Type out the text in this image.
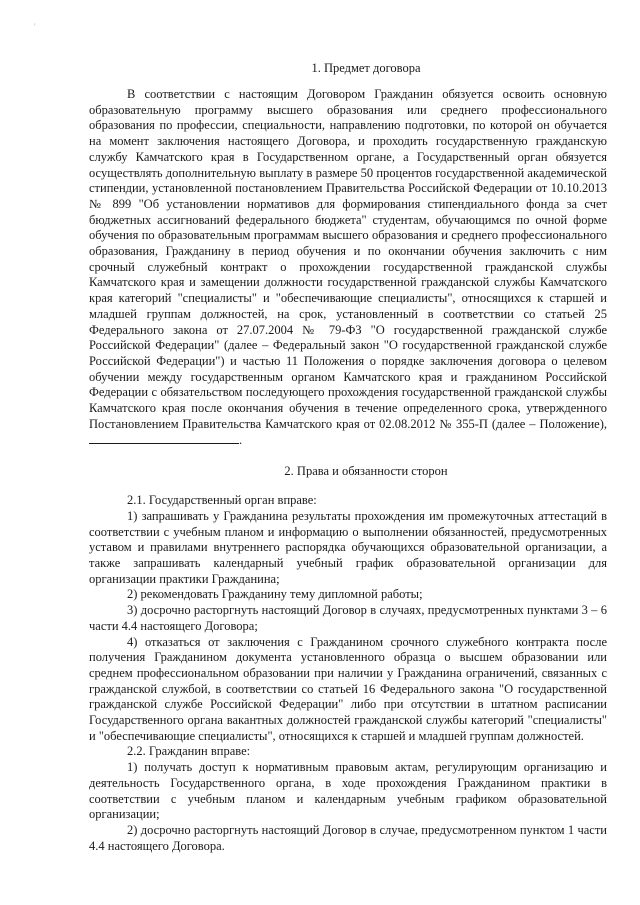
'

1. Предмет договора

В соответствии с настоящим Договором Гражданин обязуется освоить основную образовательную программу высшего образования или среднего профессионального образования по профессии, специальности, направлению подготовки, по которой он обучается на момент заключения настоящего Договора, и проходить государственную гражданскую службу Камчатского края в Государственном органе, а Государственный орган обязуется осуществлять дополнительную выплату в размере 50 процентов государственной академической стипендии, установленной постановлением Правительства Российской Федерации от 10.10.2013 № 899 "Об установлении нормативов для формирования стипендиального фонда за счет бюджетных ассигнований федерального бюджета" студентам, обучающимся по очной форме обучения по образовательным программам высшего образования и среднего профессионального образования, Гражданину в период обучения и по окончании обучения заключить с ним срочный служебный контракт о прохождении государственной гражданской службы Камчатского края и замещении должности государственной гражданской службы Камчатского края категорий "специалисты" и "обеспечивающие специалисты", относящихся к старшей и младшей группам должностей, на срок, установленный в соответствии со статьей 25 Федерального закона от 27.07.2004 № 79-ФЗ "О государственной гражданской службе Российской Федерации" (далее – Федеральный закон "О государственной гражданской службе Российской Федерации") и частью 11 Положения о порядке заключения договора о целевом обучении между государственным органом Камчатского края и гражданином Российской Федерации с обязательством последующего прохождения государственной гражданской службы Камчатского края после окончания обучения в течение определенного срока, утвержденного Постановлением Правительства Камчатского края от 02.08.2012 № 355-П (далее – Положение), .

2. Права и обязанности сторон

2.1. Государственный орган вправе:

1) запрашивать у Гражданина результаты прохождения им промежуточных аттестаций в соответствии с учебным планом и информацию о выполнении обязанностей, предусмотренных уставом и правилами внутреннего распорядка обучающихся образовательной организации, а также запрашивать календарный учебный график образовательной организации для организации практики Гражданина;

2) рекомендовать Гражданину тему дипломной работы;

3) досрочно расторгнуть настоящий Договор в случаях, предусмотренных пунктами 3 – 6 части 4.4 настоящего Договора;

4) отказаться от заключения с Гражданином срочного служебного контракта после получения Гражданином документа установленного образца о высшем образовании или среднем профессиональном образовании при наличии у Гражданина ограничений, связанных с гражданской службой, в соответствии со статьей 16 Федерального закона "О государственной гражданской службе Российской Федерации" либо при отсутствии в штатном расписании Государственного органа вакантных должностей гражданской службы категорий "специалисты" и "обеспечивающие специалисты", относящихся к старшей и младшей группам должностей.

2.2. Гражданин вправе:

1) получать доступ к нормативным правовым актам, регулирующим организацию и деятельность Государственного органа, в ходе прохождения Гражданином практики в соответствии с учебным планом и календарным учебным графиком образовательной организации;

2) досрочно расторгнуть настоящий Договор в случае, предусмотренном пунктом 1 части 4.4 настоящего Договора.
